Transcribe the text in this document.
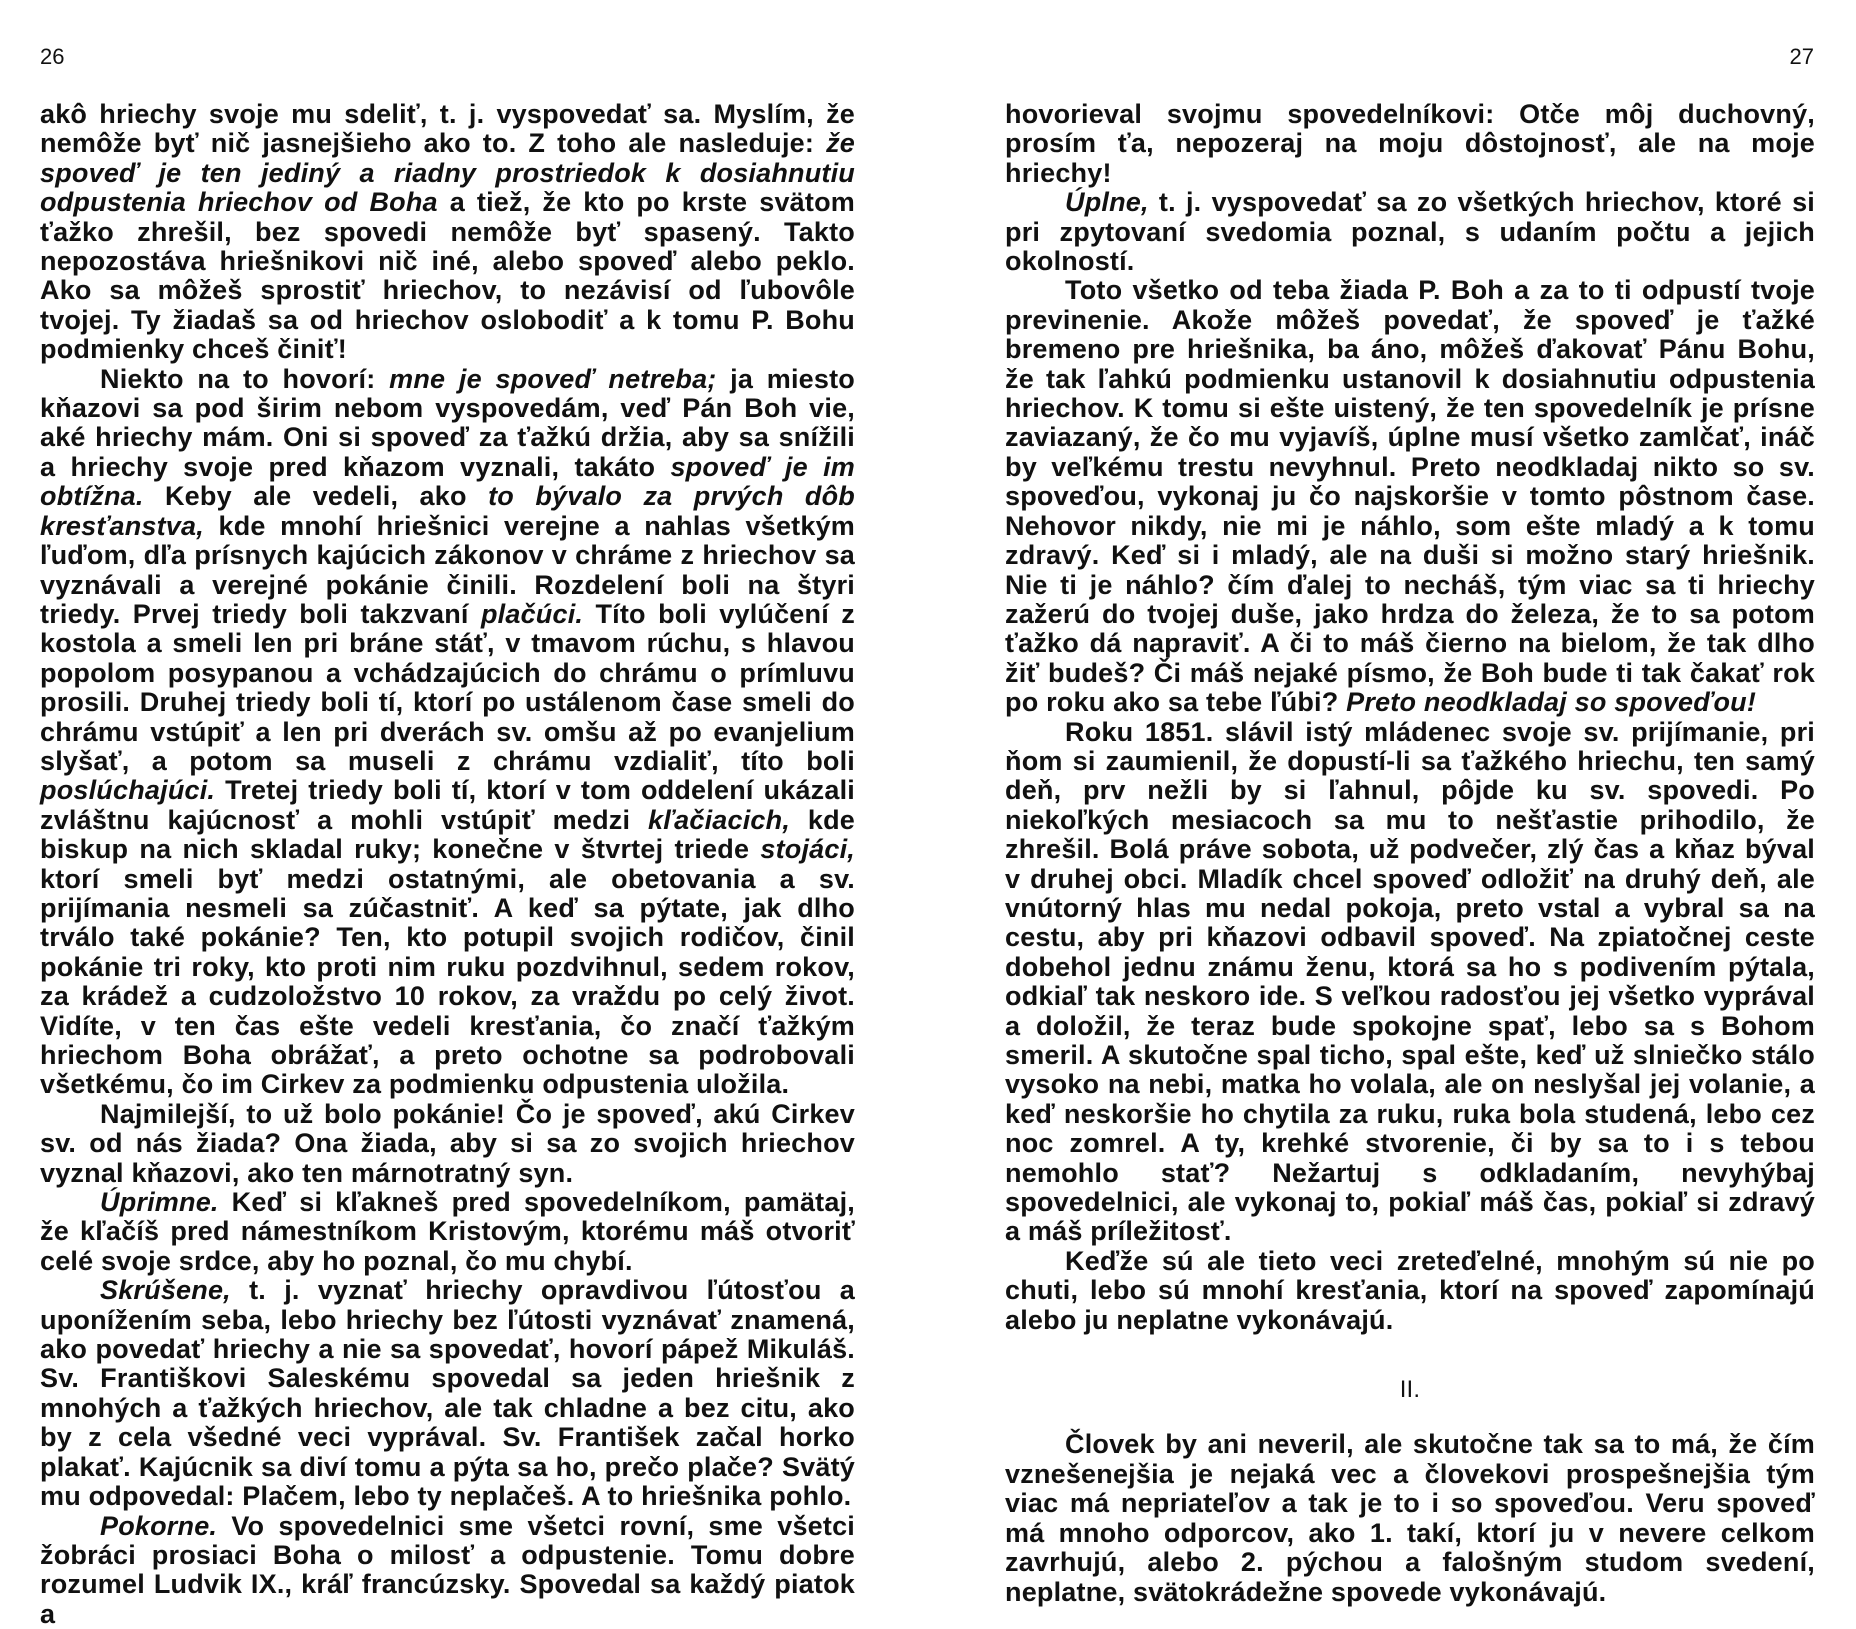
26	27

akô hriechy svoje mu sdeliť, t. j. vyspovedať sa. Myslím, že nemôže byť nič jasnejšieho ako to. Z toho ale nasleduje: že spoveď je ten jediný a riadny prostriedok k dosiahnutiu odpustenia hriechov od Boha a tiež, že kto po krste svätom ťažko zhrešil, bez spovedi nemôže byť spasený. Takto nepozostáva hriešnikovi nič iné, alebo spoveď alebo peklo. Ako sa môžeš sprostiť hriechov, to nezávisí od ľubovôle tvojej. Ty žiadaš sa od hriechov oslobodiť a k tomu P. Bohu podmienky chceš činiť!

Niekto na to hovorí: mne je spoveď netreba; ja miesto kňazovi sa pod širim nebom vyspovedám, veď Pán Boh vie, aké hriechy mám. Oni si spoveď za ťažkú držia, aby sa snížili a hriechy svoje pred kňazom vyznali, takáto spoveď je im obtížna. Keby ale vedeli, ako to bývalo za prvých dôb kresťanstva, kde mnohí hriešnici verejne a nahlas všetkým ľuďom, dľa prísnych kajúcich zákonov v chráme z hriechov sa vyznávali a verejné pokánie činili. Rozdelení boli na štyri triedy. Prvej triedy boli takzvaní plačúci. Títo boli vylúčení z kostola a smeli len pri bráne stáť, v tmavom rúchu, s hlavou popolom posypanou a vchádzajúcich do chrámu o prímluvu prosili. Druhej triedy boli tí, ktorí po ustálenom čase smeli do chrámu vstúpiť a len pri dverách sv. omšu až po evanjelium slyšať, a potom sa museli z chrámu vzdialiť, títo boli poslúchajúci. Tretej triedy boli tí, ktorí v tom oddelení ukázali zvláštnu kajúcnosť a mohli vstúpiť medzi kľačiacich, kde biskup na nich skladal ruky; konečne v štvrtej triede stojáci, ktorí smeli byť medzi ostatnými, ale obetovania a sv. prijímania nesmeli sa zúčastniť. A keď sa pýtate, jak dlho trválo také pokánie? Ten, kto potupil svojich rodičov, činil pokánie tri roky, kto proti nim ruku pozdvihnul, sedem rokov, za krádež a cudzoložstvo 10 rokov, za vraždu po celý život. Vidíte, v ten čas ešte vedeli kresťania, čo značí ťažkým hriechom Boha obrážať, a preto ochotne sa podrobovali všetkému, čo im Cirkev za podmienku odpustenia uložila.

Najmilejší, to už bolo pokánie! Čo je spoveď, akú Cirkev sv. od nás žiada? Ona žiada, aby si sa zo svojich hriechov vyznal kňazovi, ako ten márnotratný syn.

Úprimne. Keď si kľakneš pred spovedelníkom, pamätaj, že kľačíš pred námestníkom Kristovým, ktorému máš otvoriť celé svoje srdce, aby ho poznal, čo mu chybí.

Skrúšene, t. j. vyznať hriechy opravdivou ľútosťou a uponížením seba, lebo hriechy bez ľútosti vyznávať znamená, ako povedať hriechy a nie sa spovedať, hovorí pápež Mikuláš. Sv. Františkovi Saleskému spovedal sa jeden hriešnik z mnohých a ťažkých hriechov, ale tak chladne a bez citu, ako by z cela všedné veci vyprával. Sv. František začal horko plakať. Kajúcnik sa diví tomu a pýta sa ho, prečo plače? Svätý mu odpovedal: Plačem, lebo ty neplačeš. A to hriešnika pohlo.

Pokorne. Vo spovedelnici sme všetci rovní, sme všetci žobráci prosiaci Boha o milosť a odpustenie. Tomu dobre rozumel Ludvik IX., kráľ francúzsky. Spovedal sa každý piatok a

hovorieval svojmu spovedelníkovi: Otče môj duchovný, prosím ťa, nepozeraj na moju dôstojnosť, ale na moje hriechy!

Úplne, t. j. vyspovedať sa zo všetkých hriechov, ktoré si pri zpytovaní svedomia poznal, s udaním počtu a jejich okolností.

Toto všetko od teba žiada P. Boh a za to ti odpustí tvoje previnenie. Akože môžeš povedať, že spoveď je ťažké bremeno pre hriešnika, ba áno, môžeš ďakovať Pánu Bohu, že tak ľahkú podmienku ustanovil k dosiahnutiu odpustenia hriechov. K tomu si ešte uistený, že ten spovedelník je prísne zaviazaný, že čo mu vyjavíš, úplne musí všetko zamlčať, ináč by veľkému trestu nevyhnul. Preto neodkladaj nikto so sv. spoveďou, vykonaj ju čo najskoršie v tomto pôstnom čase. Nehovor nikdy, nie mi je náhlo, som ešte mladý a k tomu zdravý. Keď si i mladý, ale na duši si možno starý hriešnik. Nie ti je náhlo? čím ďalej to necháš, tým viac sa ti hriechy zažerú do tvojej duše, jako hrdza do železa, že to sa potom ťažko dá napraviť. A či to máš čierno na bielom, že tak dlho žiť budeš? Či máš nejaké písmo, že Boh bude ti tak čakať rok po roku ako sa tebe ľúbi? Preto neodkladaj so spoveďou!

Roku 1851. slávil istý mládenec svoje sv. prijímanie, pri ňom si zaumienil, že dopustí-li sa ťažkého hriechu, ten samý deň, prv nežli by si ľahnul, pôjde ku sv. spovedi. Po niekoľkých mesiacoch sa mu to nešťastie prihodilo, že zhrešil. Bolá práve sobota, už podvečer, zlý čas a kňaz býval v druhej obci. Mladík chcel spoveď odložiť na druhý deň, ale vnútorný hlas mu nedal pokoja, preto vstal a vybral sa na cestu, aby pri kňazovi odbavil spoveď. Na zpiatočnej ceste dobehol jednu známu ženu, ktorá sa ho s podivením pýtala, odkiaľ tak neskoro ide. S veľkou radosťou jej všetko vyprával a doložil, že teraz bude spokojne spať, lebo sa s Bohom smeril. A skutočne spal ticho, spal ešte, keď už slniečko stálo vysoko na nebi, matka ho volala, ale on neslyšal jej volanie, a keď neskoršie ho chytila za ruku, ruka bola studená, lebo cez noc zomrel. A ty, krehké stvorenie, či by sa to i s tebou nemohlo stať? Nežartuj s odkladaním, nevyhýbaj spovedelnici, ale vykonaj to, pokiaľ máš čas, pokiaľ si zdravý a máš príležitosť.

Keďže sú ale tieto veci zreteďelné, mnohým sú nie po chuti, lebo sú mnohí kresťania, ktorí na spoveď zapomínajú alebo ju neplatne vykonávajú.

II.

Človek by ani neveril, ale skutočne tak sa to má, že čím vznešenejšia je nejaká vec a človekovi prospešnejšia tým viac má nepriateľov a tak je to i so spoveďou. Veru spoveď má mnoho odporcov, ako 1. takí, ktorí ju v nevere celkom zavrhujú, alebo 2. pýchou a falošným studom svedení, neplatne, svätokrádežne spovede vykonávajú.
